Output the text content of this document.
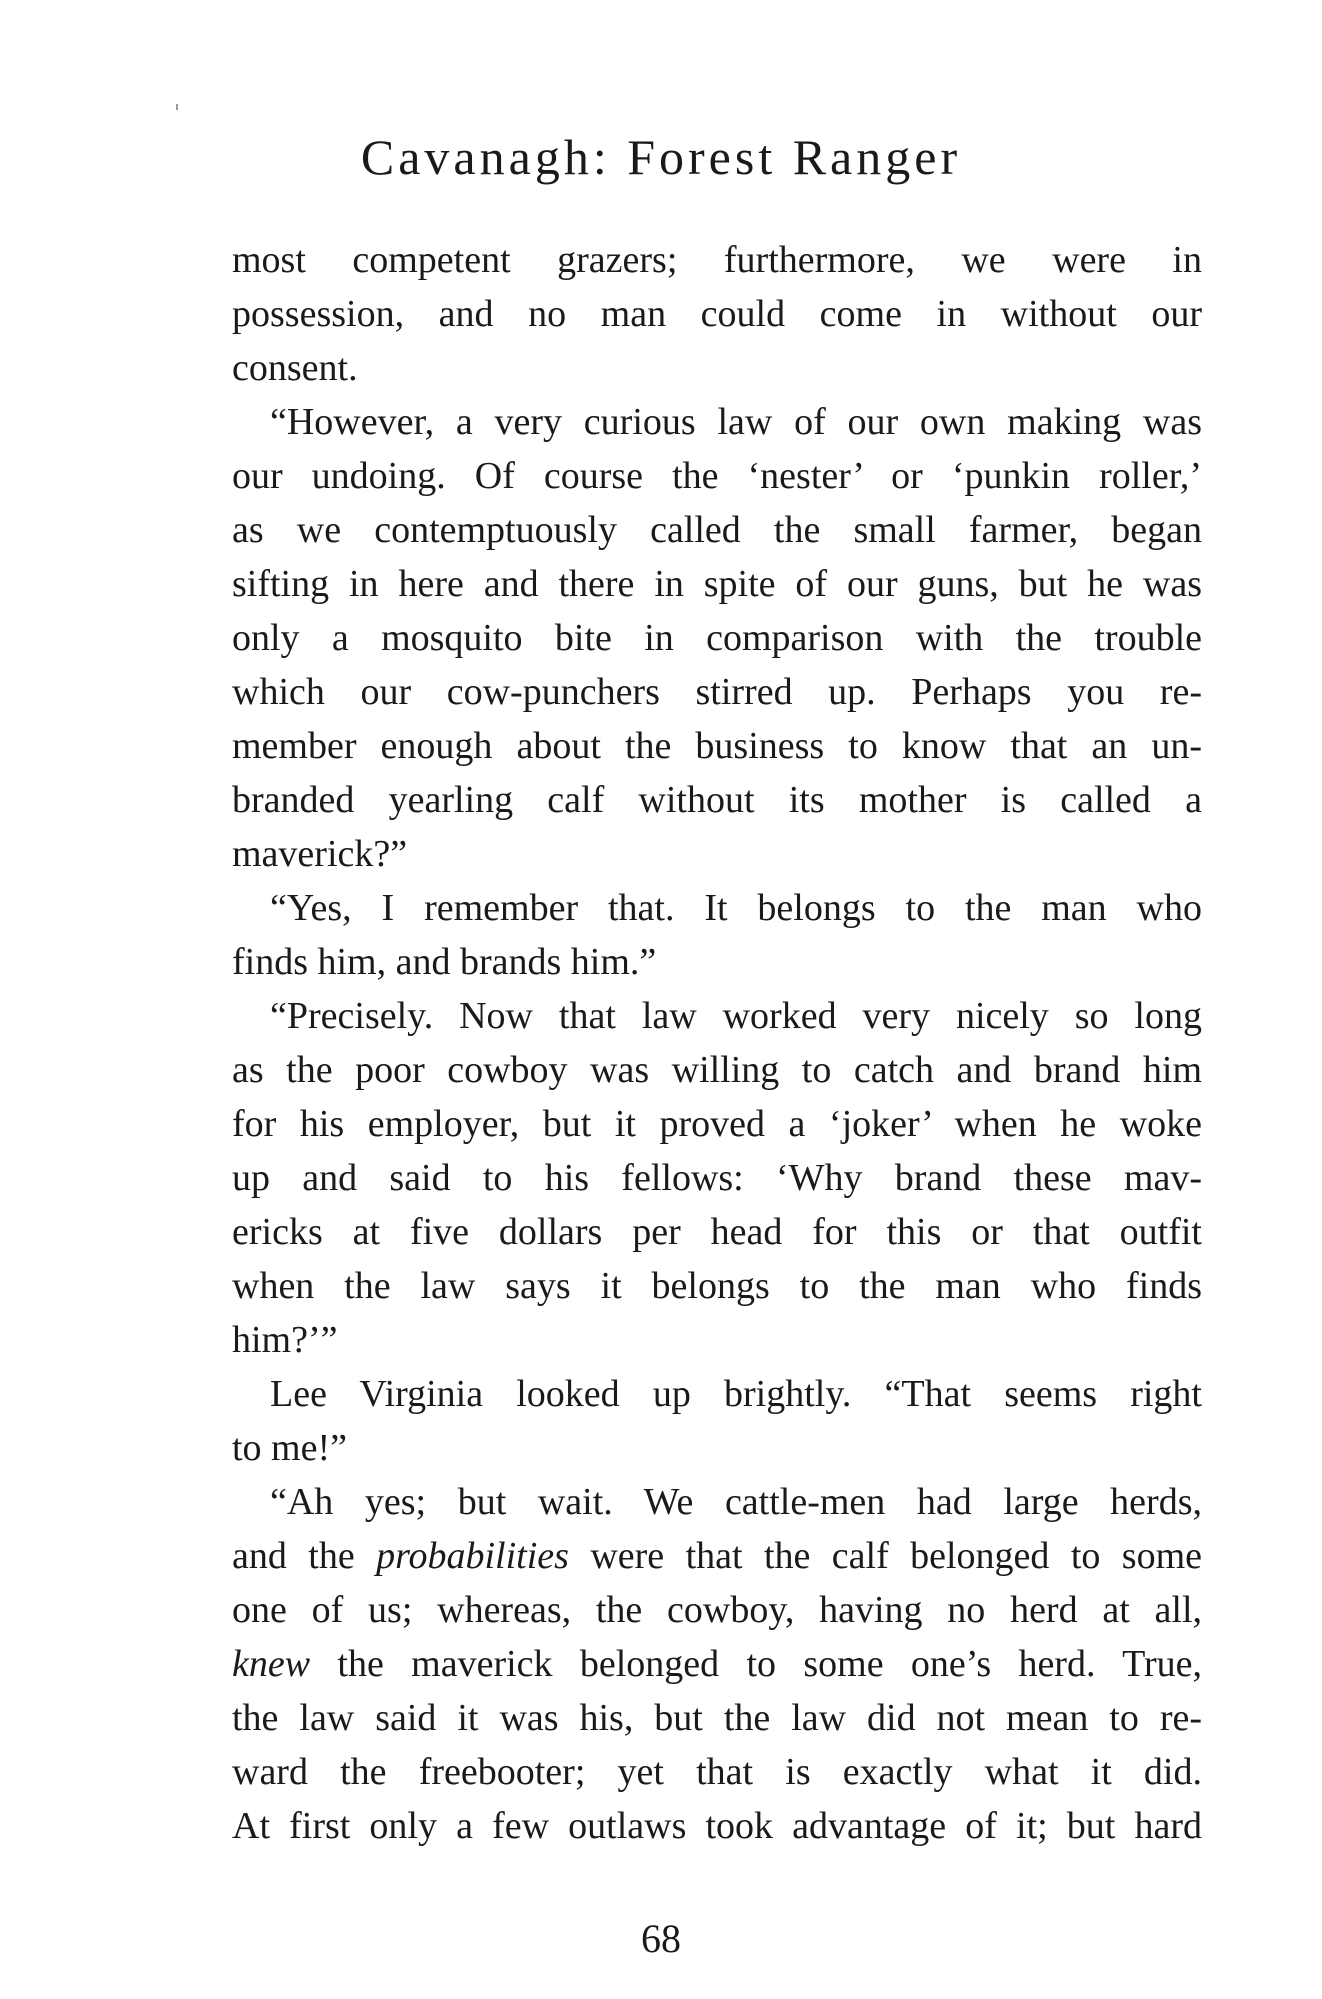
Cavanagh: Forest Ranger
most competent grazers; furthermore, we were in
possession, and no man could come in without our
consent.
“However, a very curious law of our own making was
our undoing. Of course the ‘nester’ or ‘punkin roller,’
as we contemptuously called the small farmer, began
sifting in here and there in spite of our guns, but he was
only a mosquito bite in comparison with the trouble
which our cow-punchers stirred up. Perhaps you re-
member enough about the business to know that an un-
branded yearling calf without its mother is called a
maverick?”
“Yes, I remember that. It belongs to the man who
finds him, and brands him.”
“Precisely. Now that law worked very nicely so long
as the poor cowboy was willing to catch and brand him
for his employer, but it proved a ‘joker’ when he woke
up and said to his fellows: ‘Why brand these mav-
ericks at five dollars per head for this or that outfit
when the law says it belongs to the man who finds
him?’”
Lee Virginia looked up brightly. “That seems right
to me!”
“Ah yes; but wait. We cattle-men had large herds,
and the probabilities were that the calf belonged to some
one of us; whereas, the cowboy, having no herd at all,
knew the maverick belonged to some one’s herd. True,
the law said it was his, but the law did not mean to re-
ward the freebooter; yet that is exactly what it did.
At first only a few outlaws took advantage of it; but hard
68
